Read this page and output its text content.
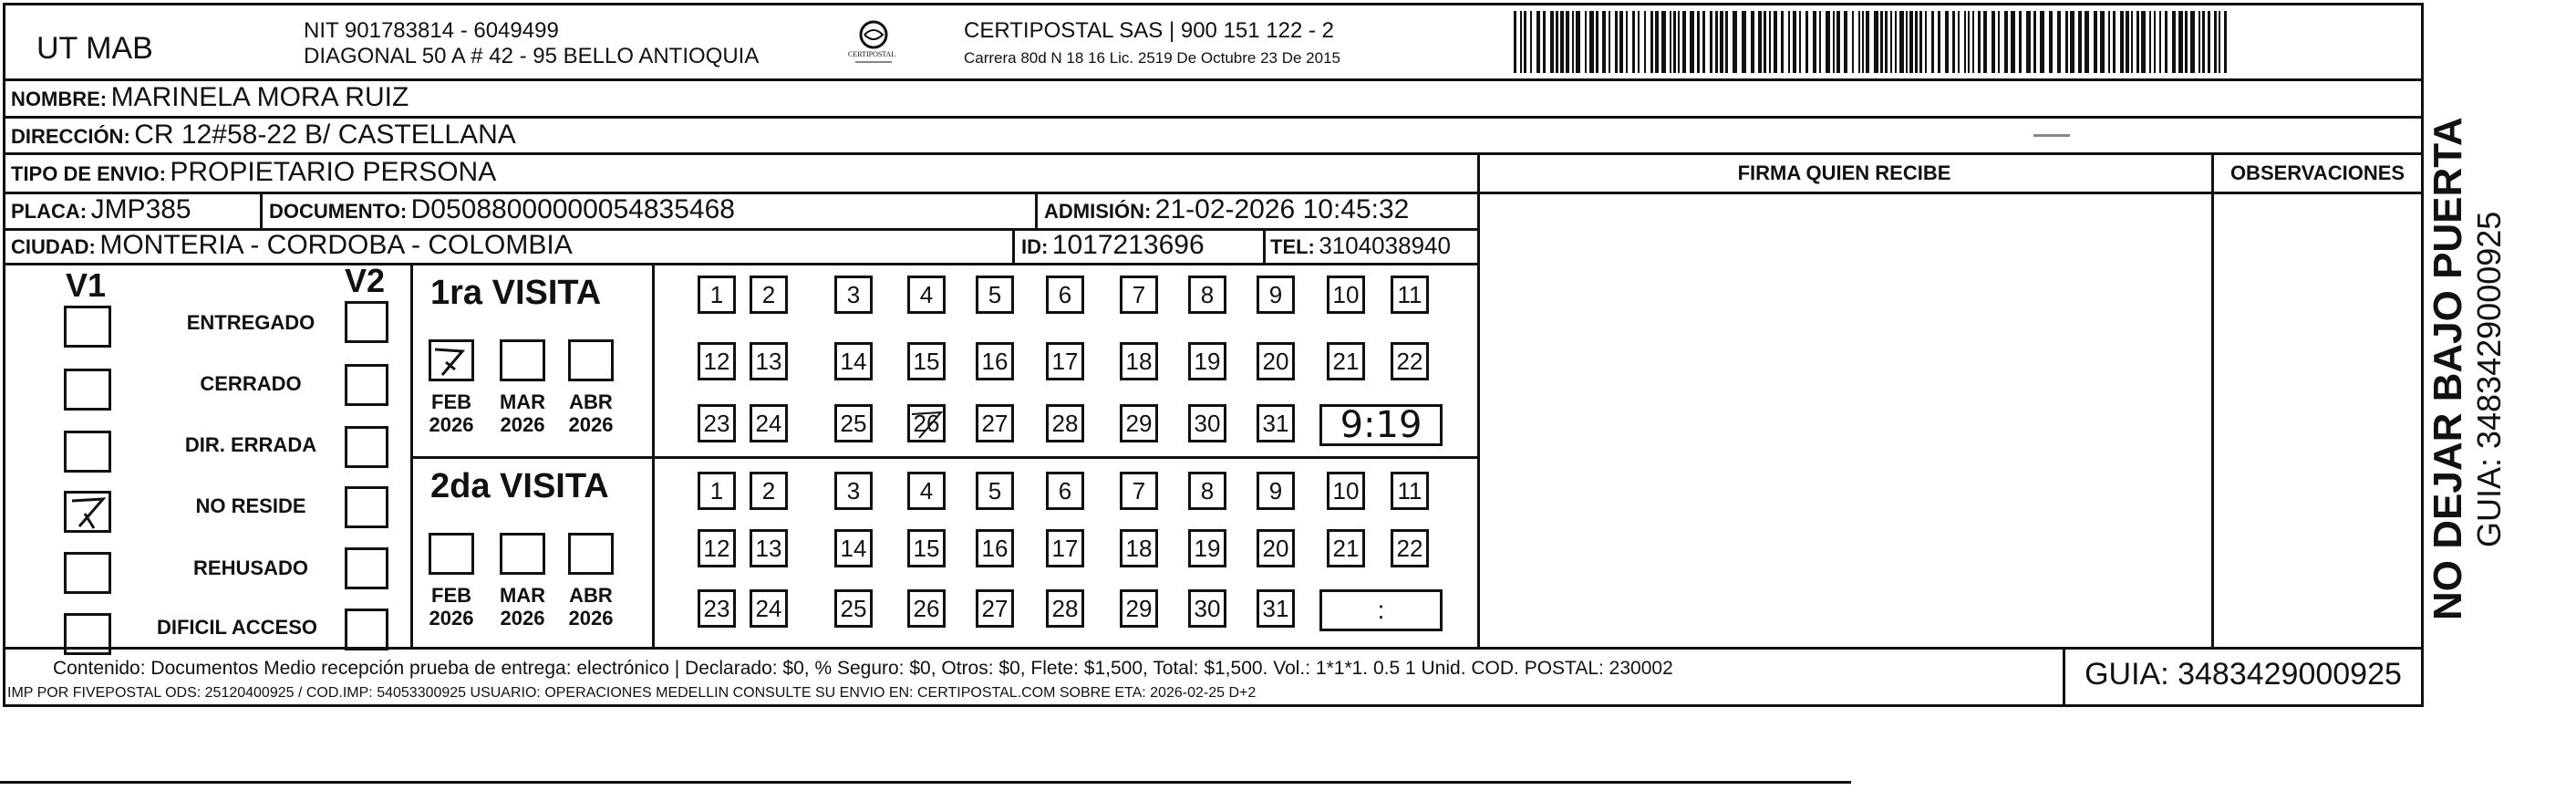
UT MAB
NIT 901783814 - 6049499
DIAGONAL 50 A # 42 - 95 BELLO ANTIOQUIA	CERTIPOSTAL
CERTIPOSTAL SAS | 900 151 122 - 2
Carrera 80d N 18 16 Lic. 2519 De Octubre 23 De 2015
NOMBRE: MARINELA MORA RUIZ
DIRECCIÓN: CR 12#58-22 B/ CASTELLANA
TIPO DE ENVIO: PROPIETARIO PERSONA	FIRMA QUIEN RECIBE	OBSERVACIONES
PLACA: JMP385	DOCUMENTO: D05088000000054835468	ADMISIÓN: 21-02-2026 10:45:32
CIUDAD: MONTERIA - CORDOBA - COLOMBIA	ID: 1017213696	TEL: 3104038940
V1	V2
ENTREGADO
CERRADO
DIR. ERRADA
NO RESIDE
REHUSADO
DIFICIL ACCESO
1ra VISITA
FEB
2026
MAR
2026
ABR
2026
1	2	3	4	5	6	7	8	9	10 11
12 13 14 15 16 17 18 19 20 21 22
23 24 25 26 27 28 29 30 31 9:19
2da VISITA
FEB
2026
MAR
2026
ABR
2026
1	2	3	4	5	6	7	8	9	10 11
12 13 14 15 16 17 18 19 20 21 22
23 24 25 26 27 28 29 30 31	:
Contenido: Documentos Medio recepción prueba de entrega: electrónico | Declarado: $0, % Seguro: $0, Otros: $0, Flete: $1,500, Total: $1,500. Vol.: 1*1*1. 0.5 1 Unid. COD. POSTAL: 230002
IMP POR FIVEPOSTAL ODS: 25120400925 / COD.IMP: 54053300925 USUARIO: OPERACIONES MEDELLIN CONSULTE SU ENVIO EN: CERTIPOSTAL.COM SOBRE ETA: 2026-02-25 D+2
GUIA: 3483429000925
NO DEJAR BAJO PUERTA GUIA: 3483429000925
